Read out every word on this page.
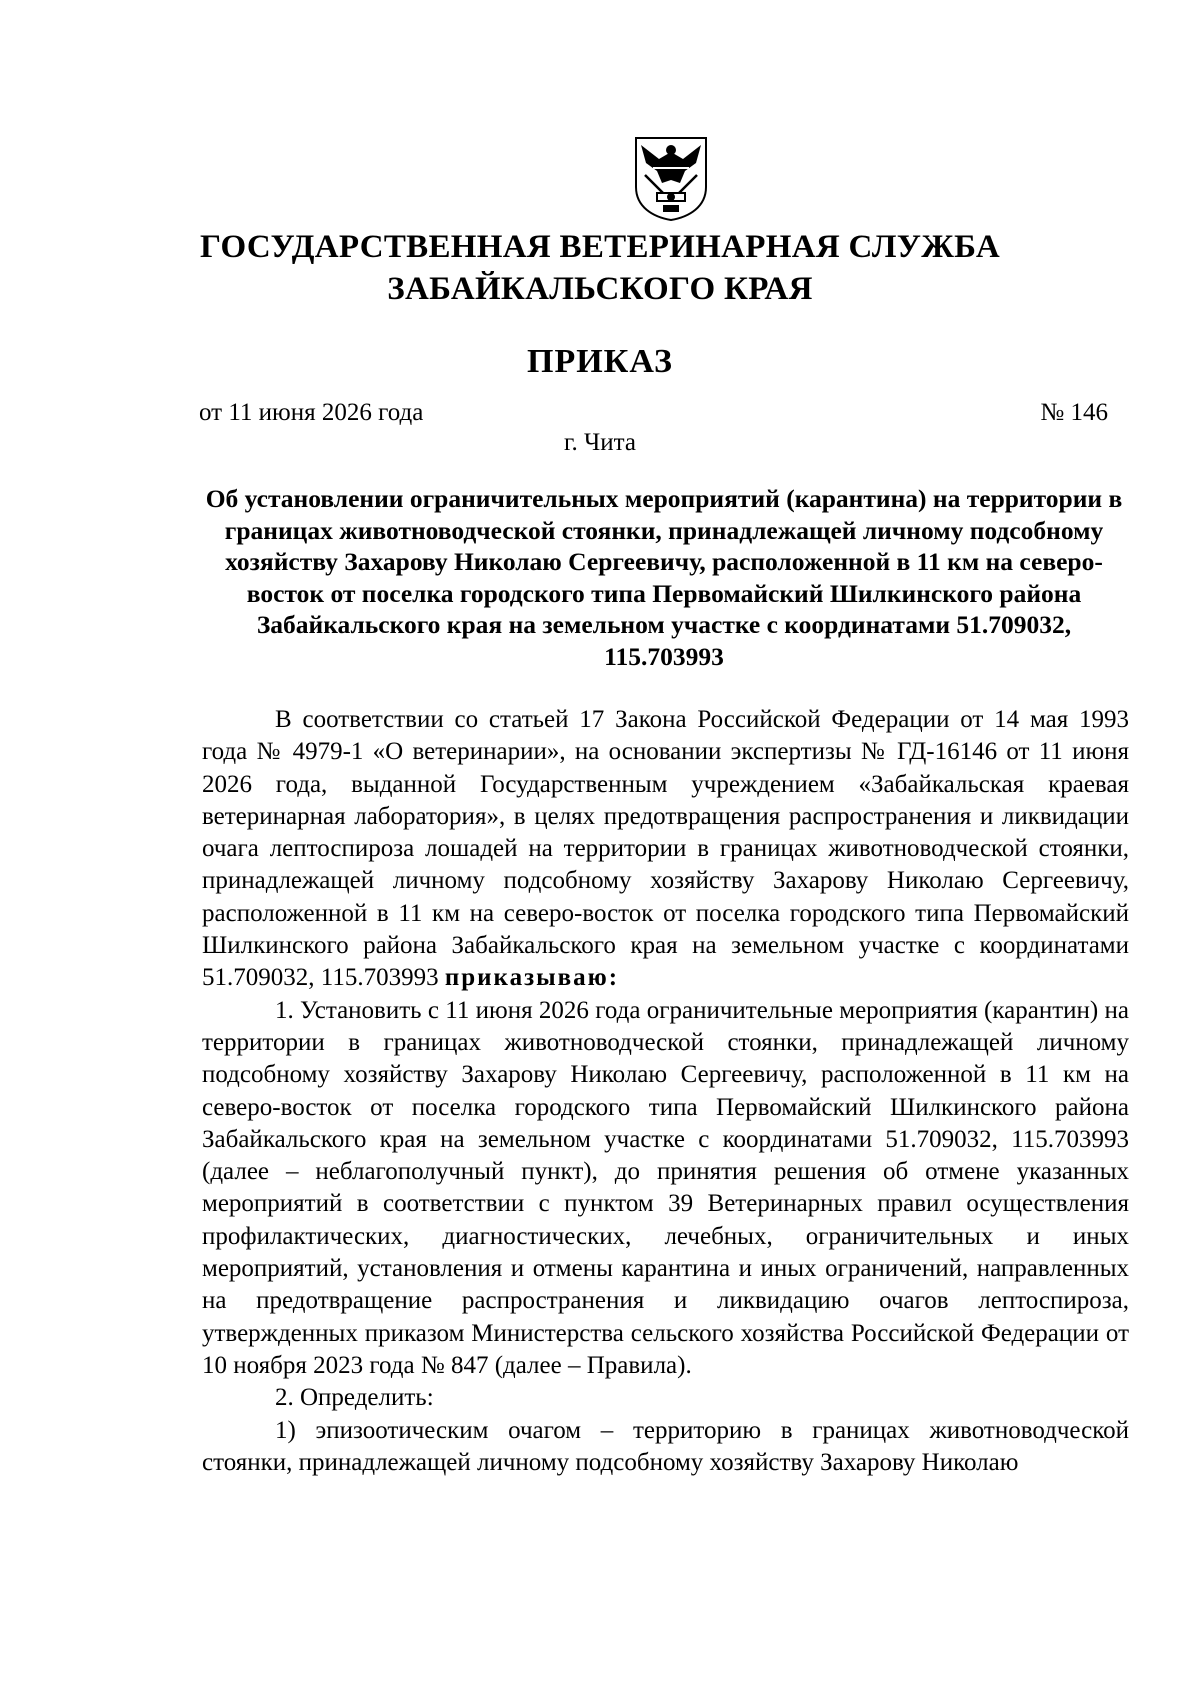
ГОСУДАРСТВЕННАЯ ВЕТЕРИНАРНАЯ СЛУЖБА
ЗАБАЙКАЛЬСКОГО КРАЯ
ПРИКАЗ
от 11 июня 2026 года	№ 146
г. Чита
Об установлении ограничительных мероприятий (карантина) на территории в границах животноводческой стоянки, принадлежащей личному подсобному хозяйству Захарову Николаю Сергеевичу, расположенной в 11 км на северо-восток от поселка городского типа Первомайский Шилкинского района Забайкальского края на земельном участке с координатами 51.709032, 115.703993

В соответствии со статьей 17 Закона Российской Федерации от 14 мая 1993 года № 4979-1 «О ветеринарии», на основании экспертизы № ГД-16146 от 11 июня 2026 года, выданной Государственным учреждением «Забайкальская краевая ветеринарная лаборатория», в целях предотвращения распространения и ликвидации очага лептоспироза лошадей на территории в границах животноводческой стоянки, принадлежащей личному подсобному хозяйству Захарову Николаю Сергеевичу, расположенной в 11 км на северо-восток от поселка городского типа Первомайский Шилкинского района Забайкальского края на земельном участке с координатами 51.709032, 115.703993 приказываю:

1. Установить с 11 июня 2026 года ограничительные мероприятия (карантин) на территории в границах животноводческой стоянки, принадлежащей личному подсобному хозяйству Захарову Николаю Сергеевичу, расположенной в 11 км на северо-восток от поселка городского типа Первомайский Шилкинского района Забайкальского края на земельном участке с координатами 51.709032, 115.703993 (далее – неблагополучный пункт), до принятия решения об отмене указанных мероприятий в соответствии с пунктом 39 Ветеринарных правил осуществления профилактических, диагностических, лечебных, ограничительных и иных мероприятий, установления и отмены карантина и иных ограничений, направленных на предотвращение распространения и ликвидацию очагов лептоспироза, утвержденных приказом Министерства сельского хозяйства Российской Федерации от 10 ноября 2023 года № 847 (далее – Правила).

2. Определить:

1) эпизоотическим очагом – территорию в границах животноводческой стоянки, принадлежащей личному подсобному хозяйству Захарову Николаю
